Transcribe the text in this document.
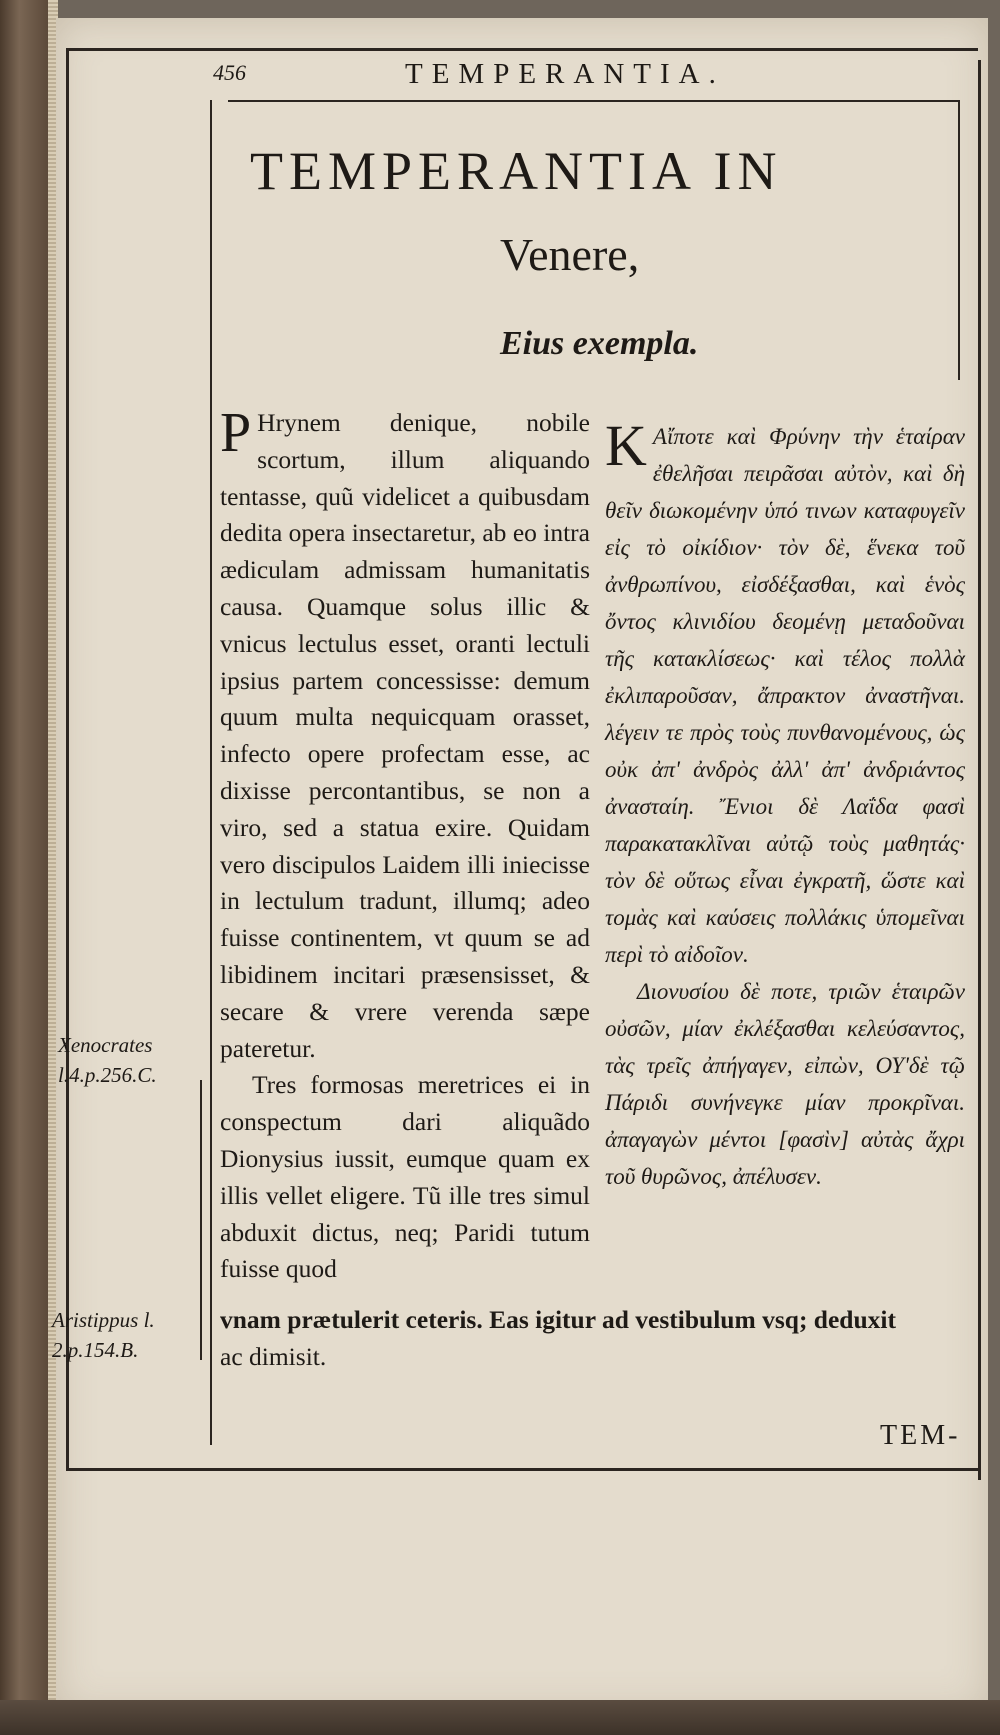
456	TEMPERANTIA.
TEMPERANTIA IN
Venere,
Eius exempla.
P Hrynem denique, nobile scortum, illum aliquando tentasse, quũ videlicet a quibusdam dedita opera insectaretur, ab eo intra ædiculam admissam humanitatis causa. Quamque solus illic & vnicus lectulus esset, oranti lectuli ipsius partem concessisse: demum quum multa nequicquam orasset, infecto opere profectam esse, ac dixisse percontantibus, se non a viro, sed a statua exire. Quidam vero discipulos Laidem illi iniecisse in lectulum tradunt, illumq; adeo fuisse continentem, vt quum se ad libidinem incitari præsensisset, & secare & vrere verenda sæpe pateretur.
Tres formosas meretrices ei in conspectum dari aliquãdo Dionysius iussit, eumque quam ex illis vellet eligere. Tũ ille tres simul abduxit dictus, neq; Paridi tutum fuisse quod
K Αἴποτε καὶ Φρύνην τὴν ἑταίραν ἐθελῆσαι πειρᾶσαι αὐτὸν, καὶ δὴ θεῖν διωκομένην ὑπό τινων καταφυγεῖν εἰς τὸ οἰκίδιον· τὸν δὲ, ἕνεκα τοῦ ἀνθρωπίνου, εἰσδέξασθαι, καὶ ἑνὸς ὄντος κλινιδίου δεομένῃ μεταδοῦναι τῆς κατακλίσεως· καὶ τέλος πολλὰ ἐκλιπαροῦσαν, ἄπρακτον ἀναστῆναι. λέγειν τε πρὸς τοὺς πυνθανομένους, ὡς οὐκ ἀπ' ἀνδρὸς ἀλλ' ἀπ' ἀνδριάντος ἀνασταίη. Ἔνιοι δὲ Λαΐδα φασὶ παρακατακλῖναι αὐτῷ τοὺς μαθητάς· τὸν δὲ οὕτως εἶναι ἐγκρατῆ, ὥστε καὶ τομὰς καὶ καύσεις πολλάκις ὑπομεῖναι περὶ τὸ αἰδοῖον.
Διονυσίου δὲ ποτε, τριῶν ἑταιρῶν οὐσῶν, μίαν ἐκλέξασθαι κελεύσαντος, τὰς τρεῖς ἀπήγαγεν, εἰπὼν, ΟΥ'δὲ τῷ Πάριδι συνήνεγκε μίαν προκρῖναι. ἀπαγαγὼν μέντοι [φασὶν] αὐτὰς ἄχρι τοῦ θυρῶνος, ἀπέλυσεν.
vnam prætulerit ceteris. Eas igitur ad vestibulum vsq; deduxit
ac dimisit.
Xenocrates
l.4.p.256.C.
Aristippus l.
2.p.154.B.
TEM-
